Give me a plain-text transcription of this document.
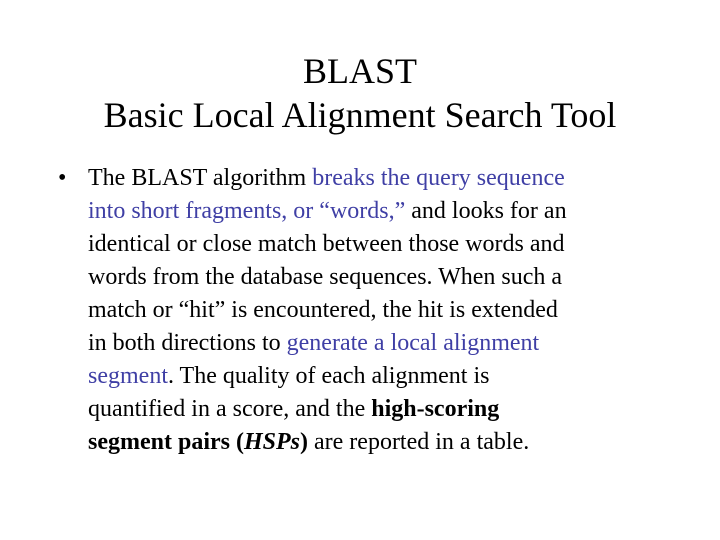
BLAST
Basic Local Alignment Search Tool
• The BLAST algorithm breaks the query sequence
into short fragments, or “words,” and looks for an
identical or close match between those words and
words from the database sequences. When such a
match or “hit” is encountered, the hit is extended
in both directions to generate a local alignment
segment. The quality of each alignment is
quantified in a score, and the high-scoring
segment pairs (HSPs) are reported in a table.
